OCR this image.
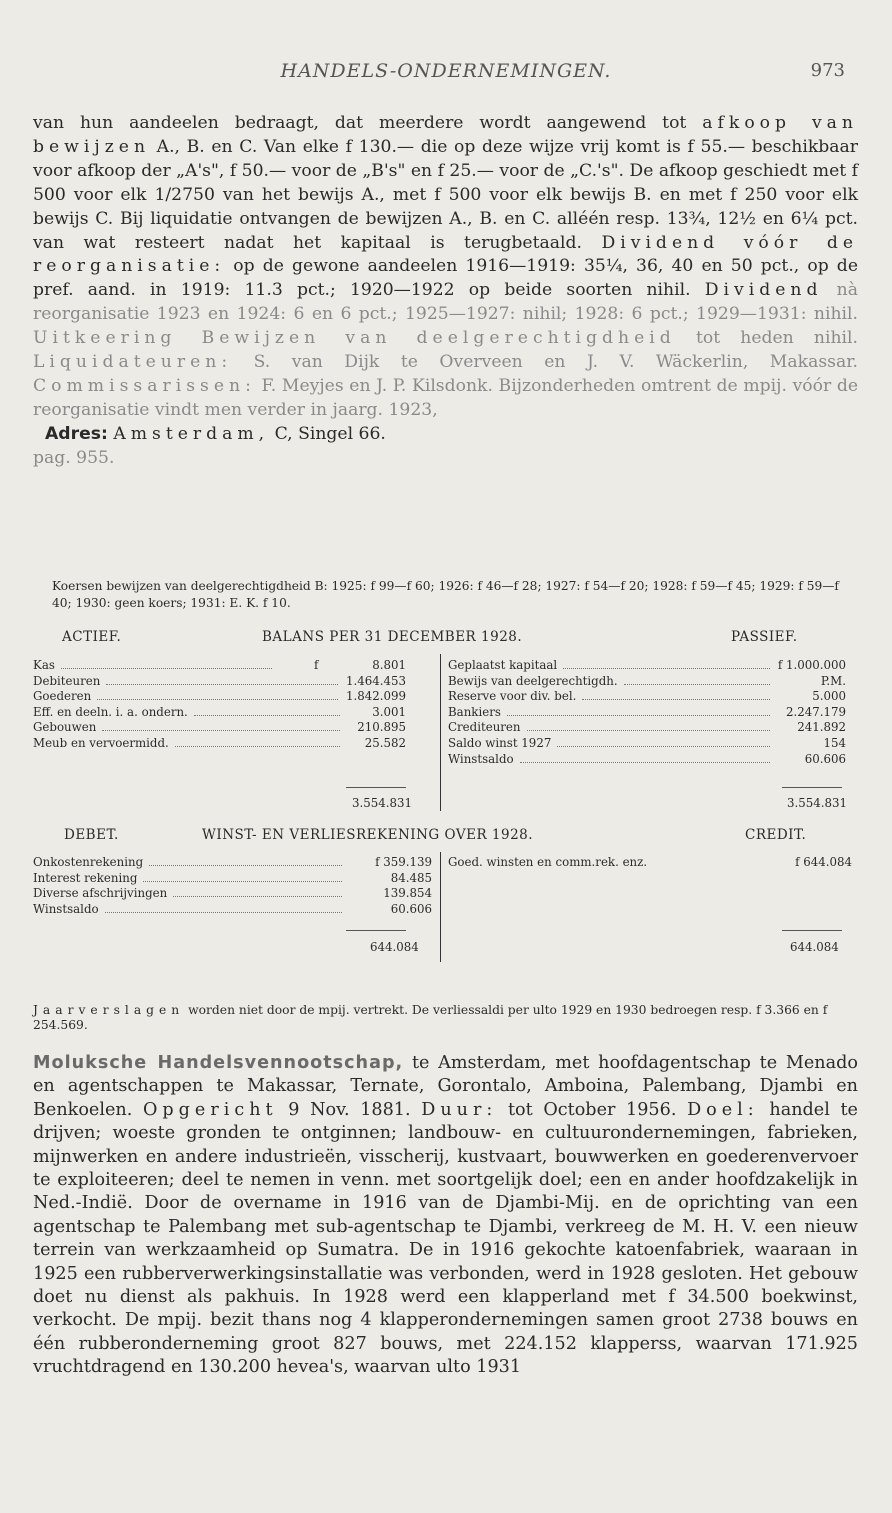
HANDELS-ONDERNEMINGEN.	973
van hun aandeelen bedraagt, dat meerdere wordt aangewend tot afkoop van bewijzen A., B. en C. Van elke f 130.— die op deze wijze vrij komt is f 55.— beschikbaar voor afkoop der „A's", f 50.— voor de „B's" en f 25.— voor de „C.'s". De afkoop geschiedt met f 500 voor elk 1/2750 van het bewijs A., met f 500 voor elk bewijs B. en met f 250 voor elk bewijs C. Bij liquidatie ontvangen de bewijzen A., B. en C. alléén resp. 13¾, 12½ en 6¼ pct. van wat resteert nadat het kapitaal is terugbetaald. Dividend vóór de reorganisatie: op de gewone aandeelen 1916—1919: 35¼, 36, 40 en 50 pct., op de pref. aand. in 1919: 11.3 pct.; 1920—1922 op beide soorten nihil. Dividend nà reorganisatie 1923 en 1924: 6 en 6 pct.; 1925—1927: nihil; 1928: 6 pct.; 1929—1931: nihil. Uitkeering Bewijzen van deelgerechtigdheid tot heden nihil. Liquidateuren: S. van Dijk te Overveen en J. V. Wäckerlin, Makassar. Commissarissen: F. Meyjes en J. P. Kilsdonk. Bijzonderheden omtrent de mpij. vóór de reorganisatie vindt men verder in jaarg. 1923,
Adres: Amsterdam, C, Singel 66.
pag. 955.
Koersen bewijzen van deelgerechtigdheid B: 1925: f 99—f 60; 1926: f 46—f 28; 1927: f 54—f 20; 1928: f 59—f 45; 1929: f 59—f 40; 1930: geen koers; 1931: E. K. f 10.
ACTIEF.	BALANS PER 31 DECEMBER 1928.	PASSIEF.
Kas	f	8.801
Debiteuren	1.464.453
Goederen	1.842.099
Eff. en deeln. i. a. ondern.	3.001
Gebouwen	210.895
Meub en vervoermidd.	25.582
Geplaatst kapitaal	f 1.000.000
Bewijs van deelgerechtigdh.	P.M.
Reserve voor div. bel.	5.000
Bankiers	2.247.179
Crediteuren	241.892
Saldo winst 1927	154
Winstsaldo	60.606
3.554.831	3.554.831
DEBET.	WINST- EN VERLIESREKENING OVER 1928.	CREDIT.
Onkostenrekening	f 359.139
Interest rekening	84.485
Diverse afschrijvingen	139.854
Winstsaldo	60.606
Goed. winsten en comm.rek. enz.	f 644.084
644.084	644.084
Jaarverslagen worden niet door de mpij. vertrekt. De verliessaldi per ulto 1929 en 1930 bedroegen resp. f 3.366 en f 254.569.
Moluksche Handelsvennootschap, te Amsterdam, met hoofdagentschap te Menado en agentschappen te Makassar, Ternate, Gorontalo, Amboina, Palembang, Djambi en Benkoelen. Opgericht 9 Nov. 1881. Duur: tot October 1956. Doel: handel te drijven; woeste gronden te ontginnen; landbouw- en cultuurondernemingen, fabrieken, mijnwerken en andere industrieën, visscherij, kustvaart, bouwwerken en goederenvervoer te exploiteeren; deel te nemen in venn. met soortgelijk doel; een en ander hoofdzakelijk in Ned.-Indië. Door de overname in 1916 van de Djambi-Mij. en de oprichting van een agentschap te Palembang met sub-agentschap te Djambi, verkreeg de M. H. V. een nieuw terrein van werkzaamheid op Sumatra. De in 1916 gekochte katoenfabriek, waaraan in 1925 een rubberverwerkingsinstallatie was verbonden, werd in 1928 gesloten. Het gebouw doet nu dienst als pakhuis. In 1928 werd een klapperland met f 34.500 boekwinst, verkocht. De mpij. bezit thans nog 4 klapperondernemingen samen groot 2738 bouws en één rubberonderneming groot 827 bouws, met 224.152 klapperss, waarvan 171.925 vruchtdragend en 130.200 hevea's, waarvan ulto 1931
